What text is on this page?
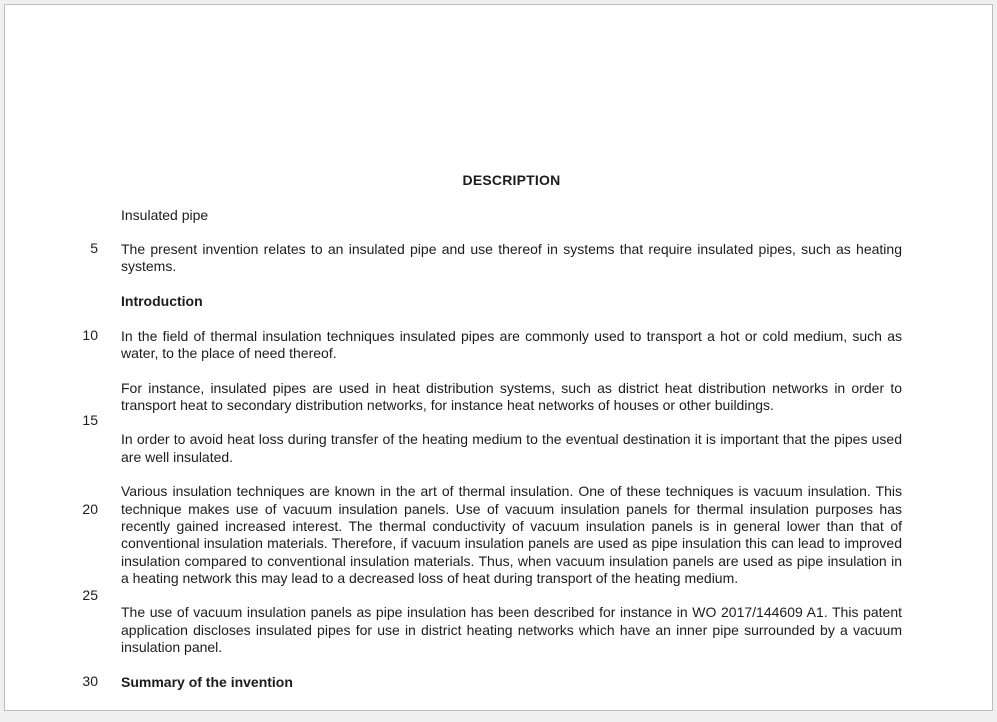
5
10
15
20
25
30
DESCRIPTION
Insulated pipe
The present invention relates to an insulated pipe and use thereof in systems that require insulated pipes, such as heating systems.
Introduction
In the field of thermal insulation techniques insulated pipes are commonly used to transport a hot or cold medium, such as water, to the place of need thereof.
For instance, insulated pipes are used in heat distribution systems, such as district heat distribution networks in order to transport heat to secondary distribution networks, for instance heat networks of houses or other buildings.
In order to avoid heat loss during transfer of the heating medium to the eventual destination it is important that the pipes used are well insulated.
Various insulation techniques are known in the art of thermal insulation. One of these techniques is vacuum insulation. This technique makes use of vacuum insulation panels. Use of vacuum insulation panels for thermal insulation purposes has recently gained increased interest. The thermal conductivity of vacuum insulation panels is in general lower than that of conventional insulation materials. Therefore, if vacuum insulation panels are used as pipe insulation this can lead to improved insulation compared to conventional insulation materials. Thus, when vacuum insulation panels are used as pipe insulation in a heating network this may lead to a decreased loss of heat during transport of the heating medium.
The use of vacuum insulation panels as pipe insulation has been described for instance in WO 2017/144609 A1. This patent application discloses insulated pipes for use in district heating networks which have an inner pipe surrounded by a vacuum insulation panel.
Summary of the invention
